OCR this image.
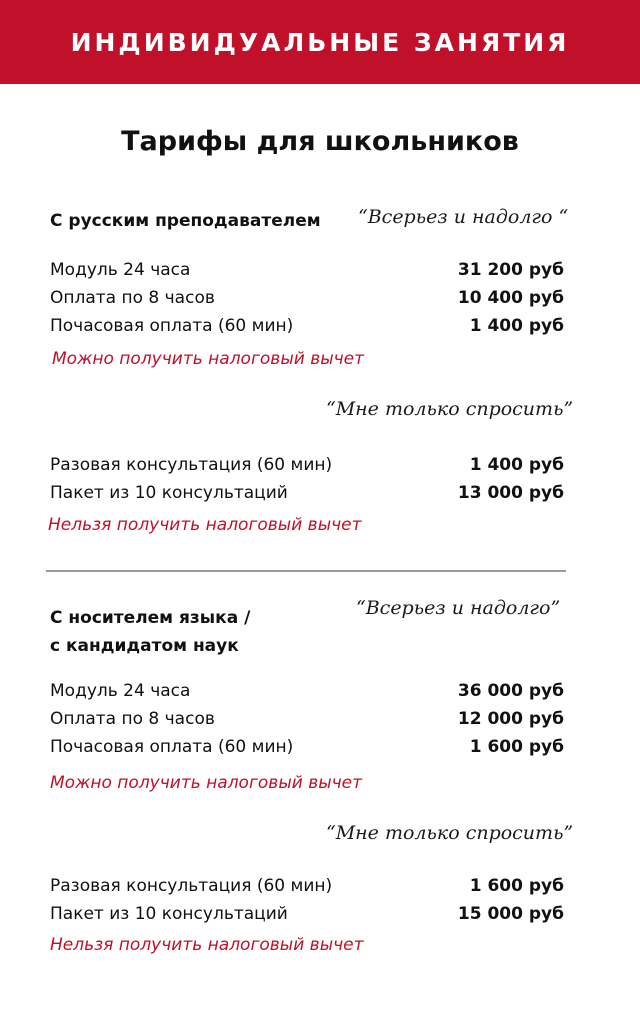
ИНДИВИДУАЛЬНЫЕ ЗАНЯТИЯ
Тарифы для школьников
С русским преподавателем “Всерьез и надолго “
Модуль 24 часа	31 200 руб
Оплата по 8 часов	10 400 руб
Почасовая оплата (60 мин)	1 400 руб
Можно получить налоговый вычет
“Мне только спросить”
Разовая консультация (60 мин)	1 400 руб
Пакет из 10 консультаций	13 000 руб
Нельзя получить налоговый вычет
С носителем языка /
с кандидатом наук
“Всерьез и надолго”
Модуль 24 часа	36 000 руб
Оплата по 8 часов	12 000 руб
Почасовая оплата (60 мин)	1 600 руб
Можно получить налоговый вычет
“Мне только спросить”
Разовая консультация (60 мин)	1 600 руб
Пакет из 10 консультаций	15 000 руб
Нельзя получить налоговый вычет
